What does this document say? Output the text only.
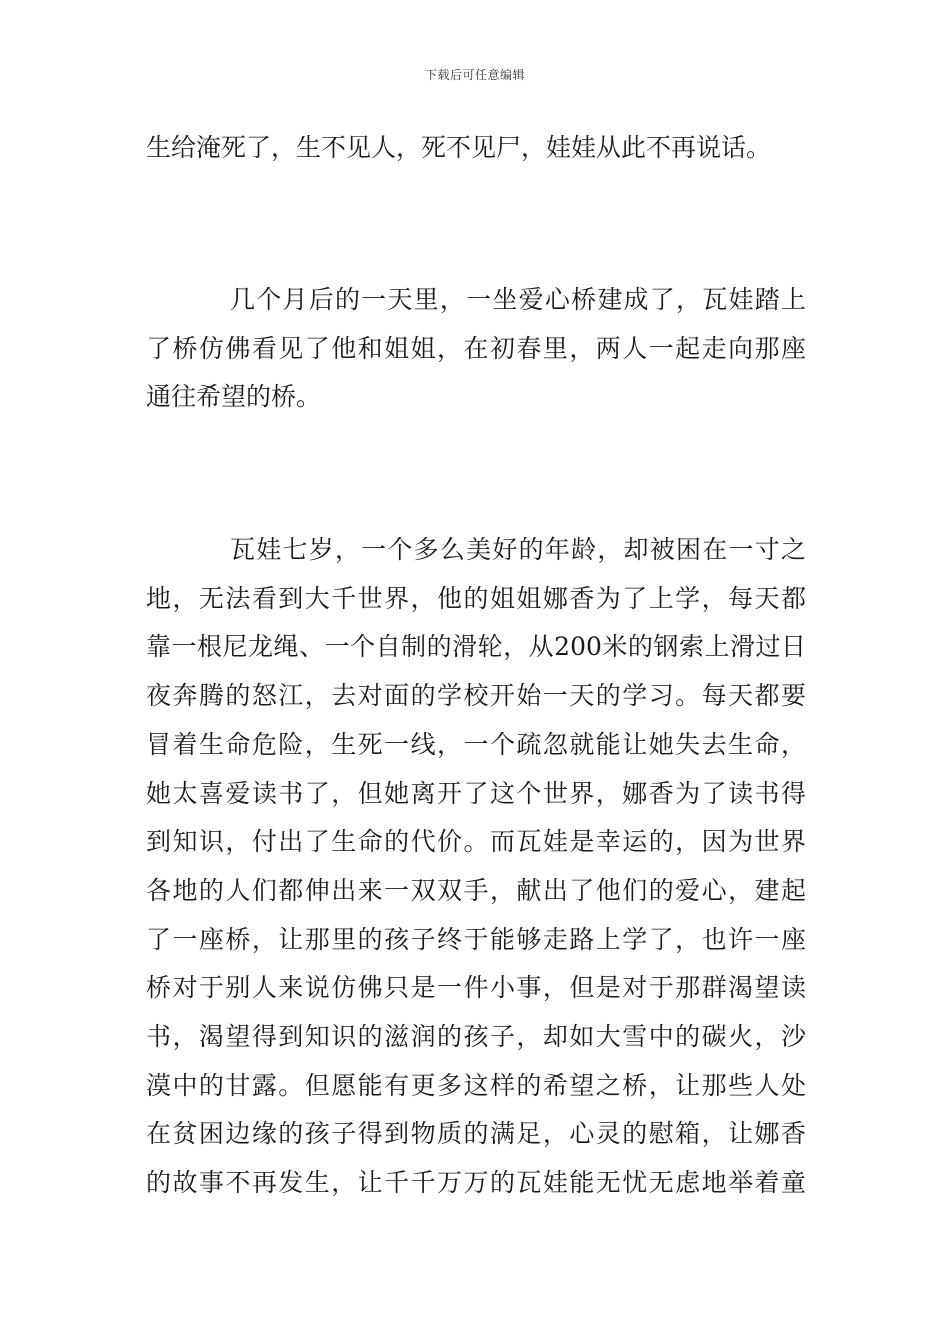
下载后可任意编辑
生给淹死了，生不见人，死不见尸，娃娃从此不再说话。
几个月后的一天里，一坐爱心桥建成了，瓦娃踏上
了桥仿佛看见了他和姐姐，在初春里，两人一起走向那座
通往希望的桥。
瓦娃七岁，一个多么美好的年龄，却被困在一寸之
地，无法看到大千世界，他的姐姐娜香为了上学，每天都
靠一根尼龙绳、一个自制的滑轮，从200米的钢索上滑过日
夜奔腾的怒江，去对面的学校开始一天的学习。每天都要
冒着生命危险，生死一线，一个疏忽就能让她失去生命，
她太喜爱读书了，但她离开了这个世界，娜香为了读书得
到知识，付出了生命的代价。而瓦娃是幸运的，因为世界
各地的人们都伸出来一双双手，献出了他们的爱心，建起
了一座桥，让那里的孩子终于能够走路上学了，也许一座
桥对于别人来说仿佛只是一件小事，但是对于那群渴望读
书，渴望得到知识的滋润的孩子，却如大雪中的碳火，沙
漠中的甘露。但愿能有更多这样的希望之桥，让那些人处
在贫困边缘的孩子得到物质的满足，心灵的慰箱，让娜香
的故事不再发生，让千千万万的瓦娃能无忧无虑地举着童
